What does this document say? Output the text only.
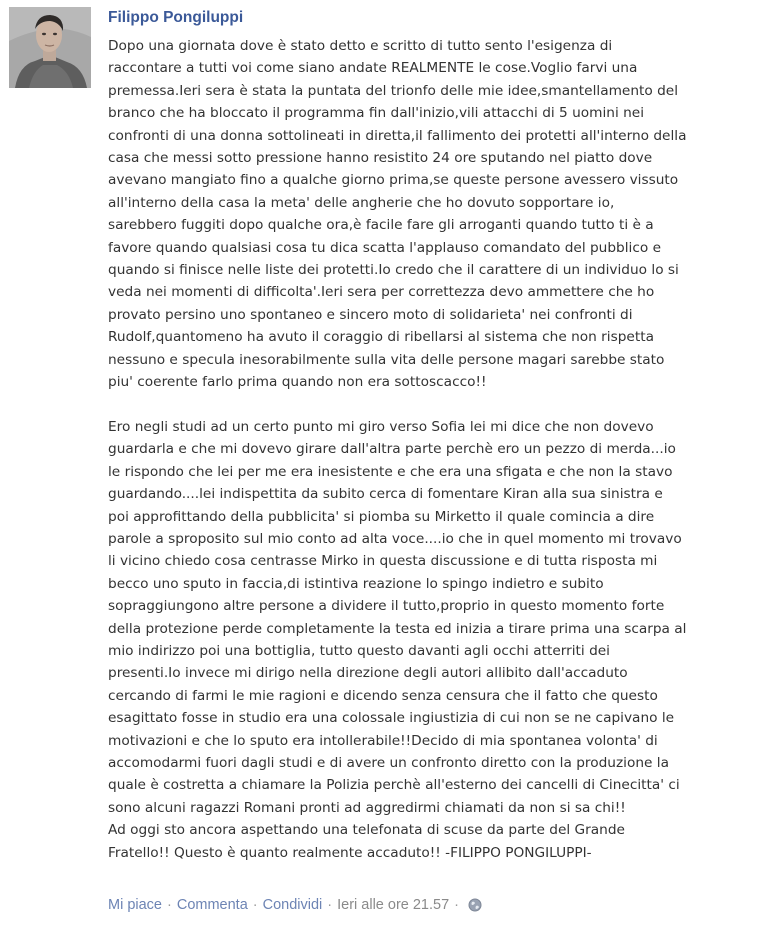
Filippo Pongiluppi

Dopo una giornata dove è stato detto e scritto di tutto sento l'esigenza di

raccontare a tutti voi come siano andate REALMENTE le cose.Voglio farvi una

premessa.Ieri sera è stata la puntata del trionfo delle mie idee,smantellamento del

branco che ha bloccato il programma fin dall'inizio,vili attacchi di 5 uomini nei

confronti di una donna sottolineati in diretta,il fallimento dei protetti all'interno della

casa che messi sotto pressione hanno resistito 24 ore sputando nel piatto dove

avevano mangiato fino a qualche giorno prima,se queste persone avessero vissuto

all'interno della casa la meta' delle angherie che ho dovuto sopportare io,

sarebbero fuggiti dopo qualche ora,è facile fare gli arroganti quando tutto ti è a

favore quando qualsiasi cosa tu dica scatta l'applauso comandato del pubblico e

quando si finisce nelle liste dei protetti.Io credo che il carattere di un individuo lo si

veda nei momenti di difficolta'.Ieri sera per correttezza devo ammettere che ho

provato persino uno spontaneo e sincero moto di solidarieta' nei confronti di

Rudolf,quantomeno ha avuto il coraggio di ribellarsi al sistema che non rispetta

nessuno e specula inesorabilmente sulla vita delle persone magari sarebbe stato

piu' coerente farlo prima quando non era sottoscacco!!

Ero negli studi ad un certo punto mi giro verso Sofia lei mi dice che non dovevo

guardarla e che mi dovevo girare dall'altra parte perchè ero un pezzo di merda...io

le rispondo che lei per me era inesistente e che era una sfigata e che non la stavo

guardando....lei indispettita da subito cerca di fomentare Kiran alla sua sinistra e

poi approfittando della pubblicita' si piomba su Mirketto il quale comincia a dire

parole a sproposito sul mio conto ad alta voce....io che in quel momento mi trovavo

li vicino chiedo cosa centrasse Mirko in questa discussione e di tutta risposta mi

becco uno sputo in faccia,di istintiva reazione lo spingo indietro e subito

sopraggiungono altre persone a dividere il tutto,proprio in questo momento forte

della protezione perde completamente la testa ed inizia a tirare prima una scarpa al

mio indirizzo poi una bottiglia, tutto questo davanti agli occhi atterriti dei

presenti.Io invece mi dirigo nella direzione degli autori allibito dall'accaduto

cercando di farmi le mie ragioni e dicendo senza censura che il fatto che questo

esagittato fosse in studio era una colossale ingiustizia di cui non se ne capivano le

motivazioni e che lo sputo era intollerabile!!Decido di mia spontanea volonta' di

accomodarmi fuori dagli studi e di avere un confronto diretto con la produzione la

quale è costretta a chiamare la Polizia perchè all'esterno dei cancelli di Cinecitta' ci

sono alcuni ragazzi Romani pronti ad aggredirmi chiamati da non si sa chi!!

Ad oggi sto ancora aspettando una telefonata di scuse da parte del Grande

Fratello!! Questo è quanto realmente accaduto!! -FILIPPO PONGILUPPI-

Mi piace · Commenta · Condividi · Ieri alle ore 21.57 ·
